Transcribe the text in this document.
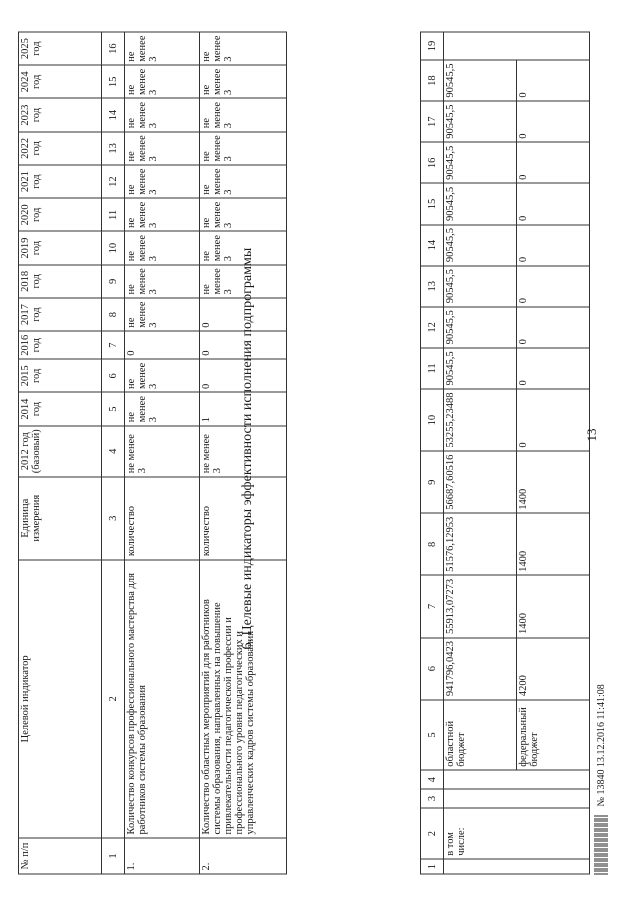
№ п/п	Целевой индикатор	Единица измерения	2012 год (базовый)	2014 год	2015 год	2016 год	2017 год	2018 год	2019 год	2020 год	2021 год	2022 год	2023 год	2024 год	2025 год
1	2	3	4	5	6	7	8	9	10	11	12	13	14	15	16
1.	Количество конкурсов профессионального мастерства для работников системы образования	количество	не менее 3	не менее 3	не менее 3	0	не менее 3	не менее 3	не менее 3	не менее 3	не менее 3	не менее 3	не менее 3	не менее 3	не менее 3
2.	Количество областных мероприятий для работников системы образования, направленных на повышение привлекательности педагогической профессии и профессионального уровня педагогических и управленческих кадров системы образования	количество	не менее 3	1	0	0	0	не менее 3	не менее 3	не менее 3	не менее 3	не менее 3	не менее 3	не менее 3	не менее 3
6. Целевые индикаторы эффективности исполнения подпрограммы
1	2	3	4	5	6	7	8	9	10	11	12	13	14	15	16	17	18	19
	в том числе:			областной бюджет	941796,0423	55913,07273	51576,12953	56687,60516	53255,23488	90545,5	90545,5	90545,5	90545,5	90545,5	90545,5	90545,5	90545,5	
				федеральный бюджет	4200	1400	1400	1400	0	0	0	0	0	0	0	0	0	
13
№ 13840 13.12.2016 11:41:08
